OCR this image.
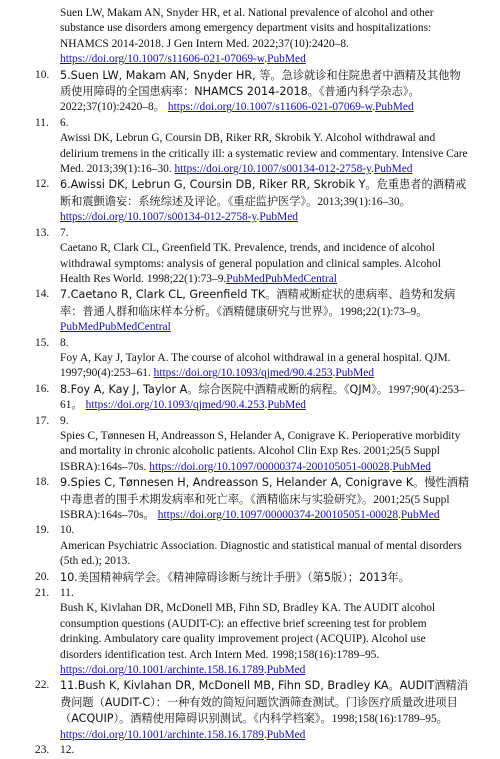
Suen LW, Makam AN, Snyder HR, et al. National prevalence of alcohol and other substance use disorders among emergency department visits and hospitalizations: NHAMCS 2014-2018. J Gen Intern Med. 2022;37(10):2420–8. https://doi.org/10.1007/s11606-021-07069-w.PubMed
10. 5.Suen LW, Makam AN, Snyder HR, 等。急诊就诊和住院患者中酒精及其他物质使用障碍的全国患病率：NHAMCS 2014-2018。《普通内科学杂志》。2022;37(10):2420–8。 https://doi.org/10.1007/s11606-021-07069-w.PubMed
11. 6.
Awissi DK, Lebrun G, Coursin DB, Riker RR, Skrobik Y. Alcohol withdrawal and delirium tremens in the critically ill: a systematic review and commentary. Intensive Care Med. 2013;39(1):16–30. https://doi.org/10.1007/s00134-012-2758-y.PubMed
12. 6.Awissi DK, Lebrun G, Coursin DB, Riker RR, Skrobik Y。危重患者的酒精戒断和震颤谵妄：系统综述及评论。《重症监护医学》。2013;39(1):16–30。 https://doi.org/10.1007/s00134-012-2758-y.PubMed
13. 7.
Caetano R, Clark CL, Greenfield TK. Prevalence, trends, and incidence of alcohol withdrawal symptoms: analysis of general population and clinical samples. Alcohol Health Res World. 1998;22(1):73–9.PubMedPubMedCentral
14. 7.Caetano R, Clark CL, Greenfield TK。酒精戒断症状的患病率、趋势和发病率：普通人群和临床样本分析。《酒精健康研究与世界》。1998;22(1):73–9。PubMedPubMedCentral
15. 8.
Foy A, Kay J, Taylor A. The course of alcohol withdrawal in a general hospital. QJM. 1997;90(4):253–61. https://doi.org/10.1093/qjmed/90.4.253.PubMed
16. 8.Foy A, Kay J, Taylor A。综合医院中酒精戒断的病程。《QJM》。1997;90(4):253–61。 https://doi.org/10.1093/qjmed/90.4.253.PubMed
17. 9.
Spies C, Tønnesen H, Andreasson S, Helander A, Conigrave K. Perioperative morbidity and mortality in chronic alcoholic patients. Alcohol Clin Exp Res. 2001;25(5 Suppl ISBRA):164s–70s. https://doi.org/10.1097/00000374-200105051-00028.PubMed
18. 9.Spies C, Tønnesen H, Andreasson S, Helander A, Conigrave K。慢性酒精中毒患者的围手术期发病率和死亡率。《酒精临床与实验研究》。2001;25(5 Suppl ISBRA):164s–70s。 https://doi.org/10.1097/00000374-200105051-00028.PubMed
19. 10.
American Psychiatric Association. Diagnostic and statistical manual of mental disorders (5th ed.); 2013.
20. 10.美国精神病学会。《精神障碍诊断与统计手册》（第5版）；2013年。
21. 11.
Bush K, Kivlahan DR, McDonell MB, Fihn SD, Bradley KA. The AUDIT alcohol consumption questions (AUDIT-C): an effective brief screening test for problem drinking. Ambulatory care quality improvement project (ACQUIP). Alcohol use disorders identification test. Arch Intern Med. 1998;158(16):1789–95. https://doi.org/10.1001/archinte.158.16.1789.PubMed
22. 11.Bush K, Kivlahan DR, McDonell MB, Fihn SD, Bradley KA。AUDIT酒精消费问题（AUDIT-C）：一种有效的简短问题饮酒筛查测试。门诊医疗质量改进项目（ACQUIP）。酒精使用障碍识别测试。《内科学档案》。1998;158(16):1789–95。 https://doi.org/10.1001/archinte.158.16.1789.PubMed
23. 12.
